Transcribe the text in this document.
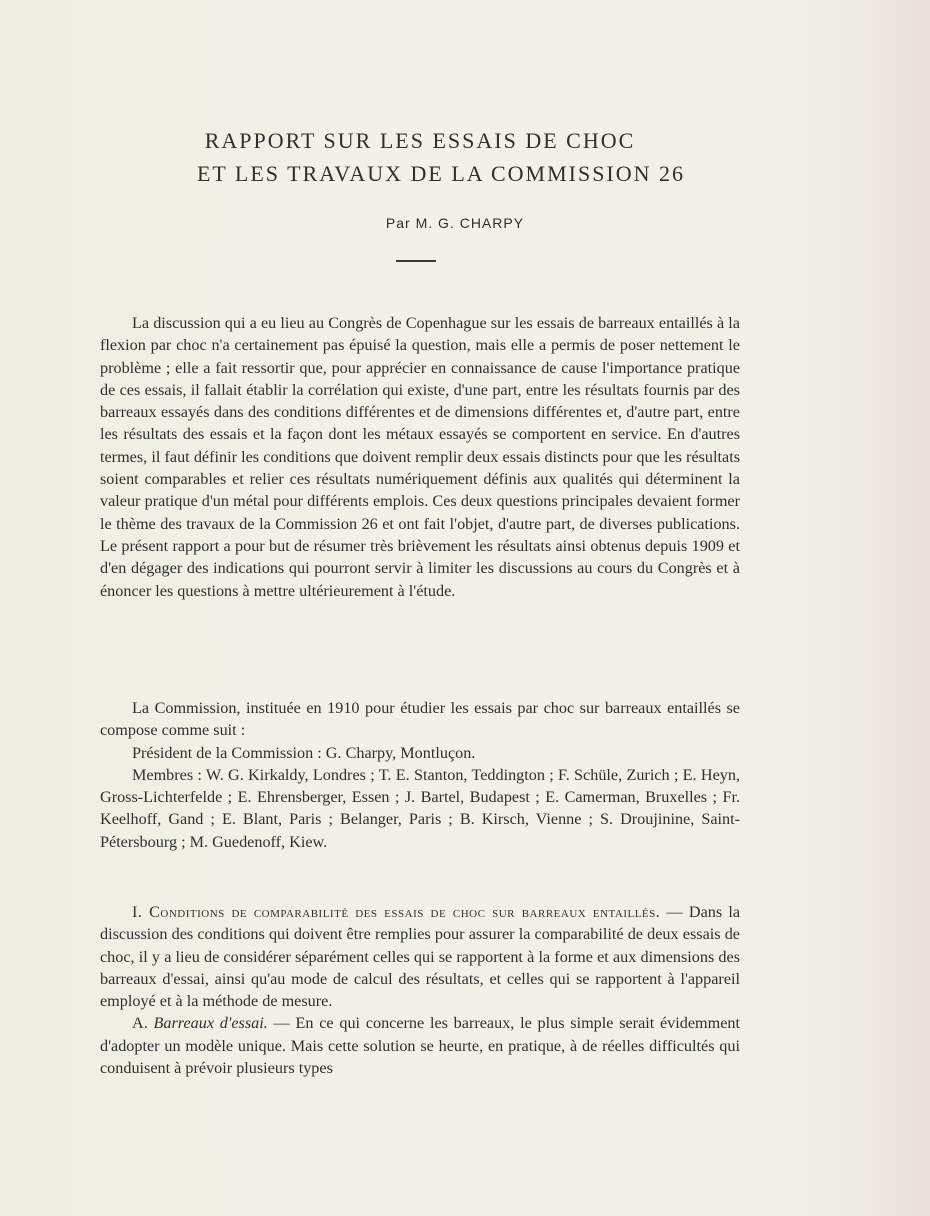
RAPPORT SUR LES ESSAIS DE CHOC
ET LES TRAVAUX DE LA COMMISSION 26
Par M. G. CHARPY

La discussion qui a eu lieu au Congrès de Copenhague sur les essais de barreaux entaillés à la flexion par choc n'a certainement pas épuisé la question, mais elle a permis de poser nettement le problème ; elle a fait ressortir que, pour apprécier en connaissance de cause l'importance pratique de ces essais, il fallait établir la corrélation qui existe, d'une part, entre les résultats fournis par des barreaux essayés dans des conditions différentes et de dimensions différentes et, d'autre part, entre les résultats des essais et la façon dont les métaux essayés se comportent en service. En d'autres termes, il faut définir les conditions que doivent remplir deux essais distincts pour que les résultats soient comparables et relier ces résultats numériquement définis aux qualités qui déterminent la valeur pratique d'un métal pour différents emplois. Ces deux questions principales devaient former le thème des travaux de la Commission 26 et ont fait l'objet, d'autre part, de diverses publications. Le présent rapport a pour but de résumer très brièvement les résultats ainsi obtenus depuis 1909 et d'en dégager des indications qui pourront servir à limiter les discussions au cours du Congrès et à énoncer les questions à mettre ultérieurement à l'étude.

La Commission, instituée en 1910 pour étudier les essais par choc sur barreaux entaillés se compose comme suit :

Président de la Commission : G. Charpy, Montluçon.

Membres : W. G. Kirkaldy, Londres ; T. E. Stanton, Teddington ; F. Schüle, Zurich ; E. Heyn, Gross-Lichterfelde ; E. Ehrensberger, Essen ; J. Bartel, Budapest ; E. Camerman, Bruxelles ; Fr. Keelhoff, Gand ; E. Blant, Paris ; Belanger, Paris ; B. Kirsch, Vienne ; S. Droujinine, Saint-Pétersbourg ; M. Guedenoff, Kiew.

I. Conditions de comparabilité des essais de choc sur barreaux entaillés. — Dans la discussion des conditions qui doivent être remplies pour assurer la comparabilité de deux essais de choc, il y a lieu de considérer séparément celles qui se rapportent à la forme et aux dimensions des barreaux d'essai, ainsi qu'au mode de calcul des résultats, et celles qui se rapportent à l'appareil employé et à la méthode de mesure.

A. Barreaux d'essai. — En ce qui concerne les barreaux, le plus simple serait évidemment d'adopter un modèle unique. Mais cette solution se heurte, en pratique, à de réelles difficultés qui conduisent à prévoir plusieurs types
